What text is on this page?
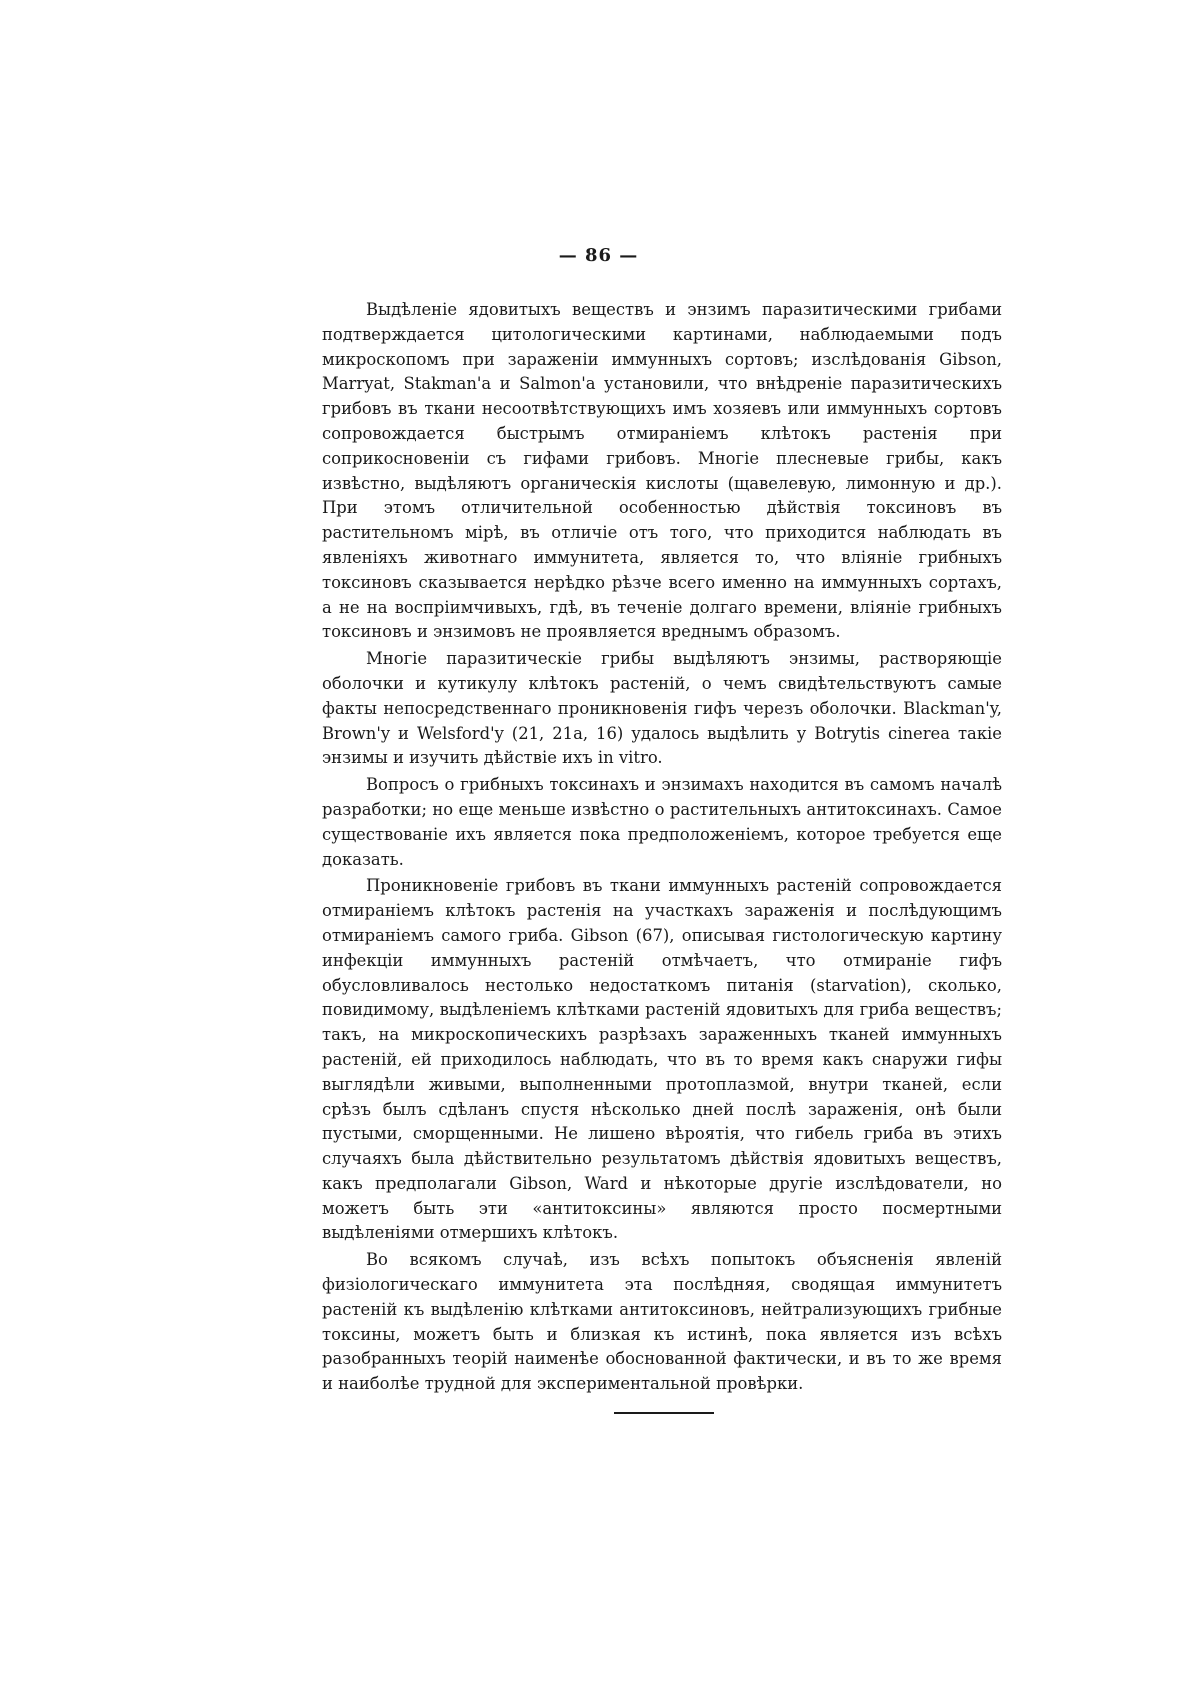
— 86 —

Выдѣленіе ядовитыхъ веществъ и энзимъ паразитическими грибами подтверждается цитологическими картинами, наблюдаемыми подъ микроскопомъ при зараженіи иммунныхъ сортовъ; изслѣдованія Gibson, Marryat, Stakman'a и Salmon'a установили, что внѣдреніе паразитическихъ грибовъ въ ткани несоотвѣтствующихъ имъ хозяевъ или иммунныхъ сортовъ сопровождается быстрымъ отмираніемъ клѣтокъ растенія при соприкосновеніи съ гифами грибовъ. Многіе плесневые грибы, какъ извѣстно, выдѣляютъ органическія кислоты (щавелевую, лимонную и др.). При этомъ отличительной особенностью дѣйствія токсиновъ въ растительномъ мірѣ, въ отличіе отъ того, что приходится наблюдать въ явленіяхъ животнаго иммунитета, является то, что вліяніе грибныхъ токсиновъ сказывается нерѣдко рѣзче всего именно на иммунныхъ сортахъ, а не на воспріимчивыхъ, гдѣ, въ теченіе долгаго времени, вліяніе грибныхъ токсиновъ и энзимовъ не проявляется вреднымъ образомъ.

Многіе паразитическіе грибы выдѣляютъ энзимы, растворяющіе оболочки и кутикулу клѣтокъ растеній, о чемъ свидѣтельствуютъ самые факты непосредственнаго проникновенія гифъ черезъ оболочки. Blackman'y, Brown'y и Welsford'y (21, 21a, 16) удалось выдѣлить у Botrytis cinerea такіе энзимы и изучить дѣйствіе ихъ in vitro.

Вопросъ о грибныхъ токсинахъ и энзимахъ находится въ самомъ началѣ разработки; но еще меньше извѣстно о растительныхъ антитоксинахъ. Самое существованіе ихъ является пока предположеніемъ, которое требуется еще доказать.

Проникновеніе грибовъ въ ткани иммунныхъ растеній сопровождается отмираніемъ клѣтокъ растенія на участкахъ зараженія и послѣдующимъ отмираніемъ самого гриба. Gibson (67), описывая гистологическую картину инфекціи иммунныхъ растеній отмѣчаетъ, что отмираніе гифъ обусловливалось нестолько недостаткомъ питанія (starvation), сколько, повидимому, выдѣленіемъ клѣтками растеній ядовитыхъ для гриба веществъ; такъ, на микроскопическихъ разрѣзахъ зараженныхъ тканей иммунныхъ растеній, ей приходилось наблюдать, что въ то время какъ снаружи гифы выглядѣли живыми, выполненными протоплазмой, внутри тканей, если срѣзъ былъ сдѣланъ спустя нѣсколько дней послѣ зараженія, онѣ были пустыми, сморщенными. Не лишено вѣроятія, что гибель гриба въ этихъ случаяхъ была дѣйствительно результатомъ дѣйствія ядовитыхъ веществъ, какъ предполагали Gibson, Ward и нѣкоторые другіе изслѣдователи, но можетъ быть эти «антитоксины» являются просто посмертными выдѣленіями отмершихъ клѣтокъ.

Во всякомъ случаѣ, изъ всѣхъ попытокъ объясненія явленій физіологическаго иммунитета эта послѣдняя, сводящая иммунитетъ растеній къ выдѣленію клѣтками антитоксиновъ, нейтрализующихъ грибные токсины, можетъ быть и близкая къ истинѣ, пока является изъ всѣхъ разобранныхъ теорій наименѣе обоснованной фактически, и въ то же время и наиболѣе трудной для экспериментальной провѣрки.
